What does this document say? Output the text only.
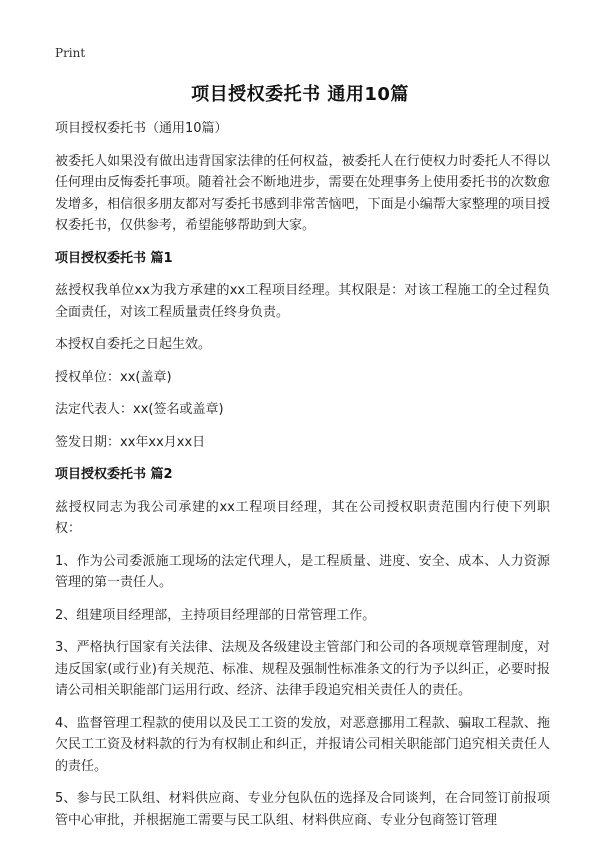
Print
项目授权委托书 通用10篇

项目授权委托书（通用10篇）

被委托人如果没有做出违背国家法律的任何权益，被委托人在行使权力时委托人不得以任何理由反悔委托事项。随着社会不断地进步，需要在处理事务上使用委托书的次数愈发增多，相信很多朋友都对写委托书感到非常苦恼吧，下面是小编帮大家整理的项目授权委托书，仅供参考，希望能够帮助到大家。

项目授权委托书 篇1

兹授权我单位xx为我方承建的xx工程项目经理。其权限是：对该工程施工的全过程负全面责任，对该工程质量责任终身负责。

本授权自委托之日起生效。

授权单位：xx(盖章)

法定代表人：xx(签名或盖章)

签发日期：xx年xx月xx日

项目授权委托书 篇2

兹授权同志为我公司承建的xx工程项目经理，其在公司授权职责范围内行使下列职权：

1、作为公司委派施工现场的法定代理人，是工程质量、进度、安全、成本、人力资源管理的第一责任人。

2、组建项目经理部，主持项目经理部的日常管理工作。

3、严格执行国家有关法律、法规及各级建设主管部门和公司的各项规章管理制度，对违反国家(或行业)有关规范、标准、规程及强制性标准条文的行为予以纠正，必要时报请公司相关职能部门运用行政、经济、法律手段追究相关责任人的责任。

4、监督管理工程款的使用以及民工工资的发放，对恶意挪用工程款、骗取工程款、拖欠民工工资及材料款的行为有权制止和纠正，并报请公司相关职能部门追究相关责任人的责任。

5、参与民工队组、材料供应商、专业分包队伍的选择及合同谈判，在合同签订前报项管中心审批，并根据施工需要与民工队组、材料供应商、专业分包商签订管理
